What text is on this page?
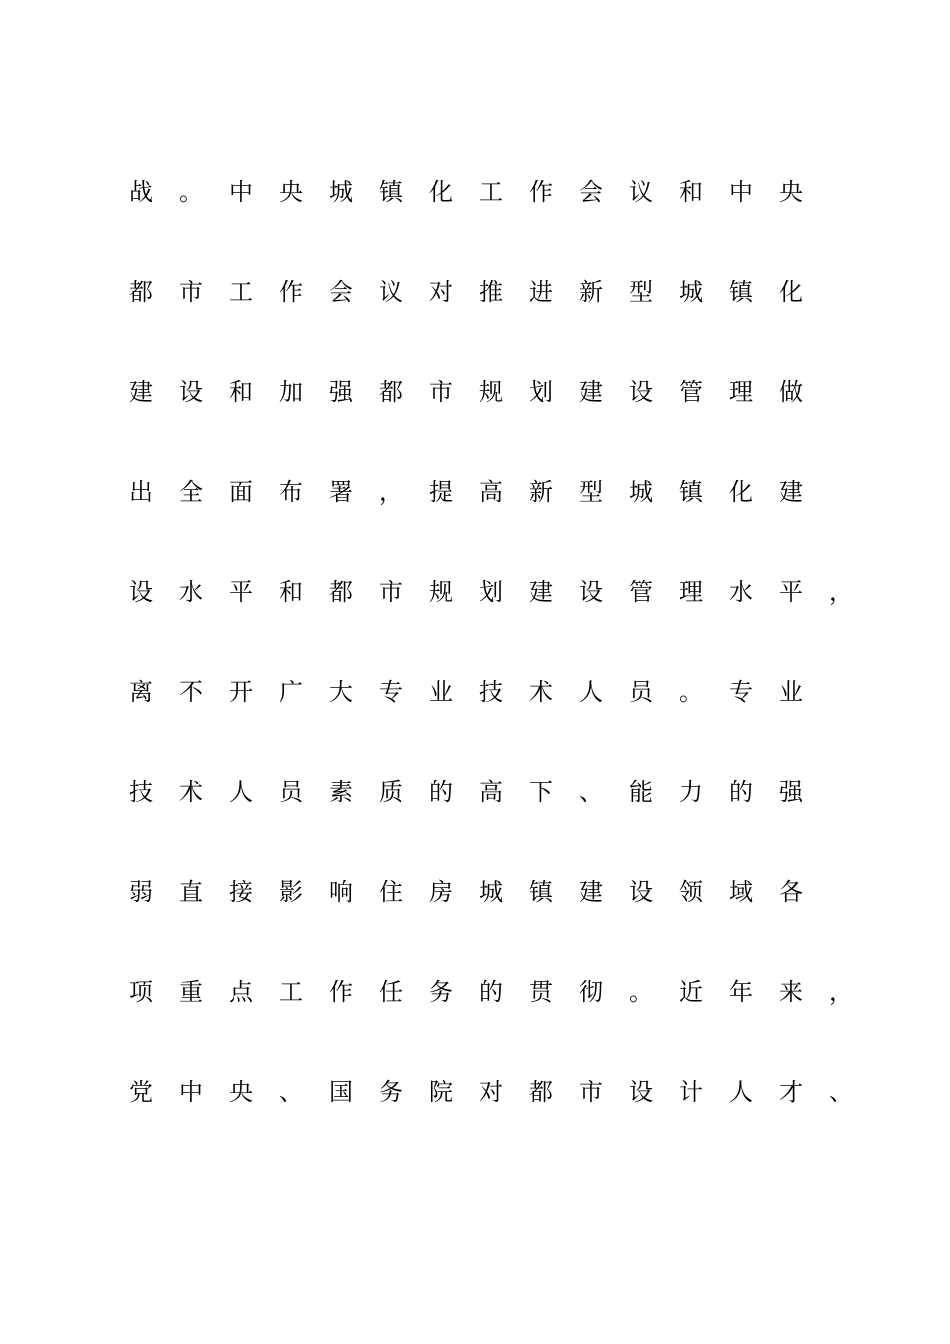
战	。	中	央	城	镇	化	工	作	会	议	和	中	央
都	市	工	作	会	议	对	推	进	新	型	城	镇	化
建	设	和	加	强	都	市	规	划	建	设	管	理	做
出	全	面	布	署	，	提	高	新	型	城	镇	化	建
设	水	平	和	都	市	规	划	建	设	管	理	水	平	，
离	不	开	广	大	专	业	技	术	人	员	。	专	业
技	术	人	员	素	质	的	高	下	、	能	力	的	强
弱	直	接	影	响	住	房	城	镇	建	设	领	域	各
项	重	点	工	作	任	务	的	贯	彻	。	近	年	来	，
党	中	央	、	国	务	院	对	都	市	设	计	人	才	、
